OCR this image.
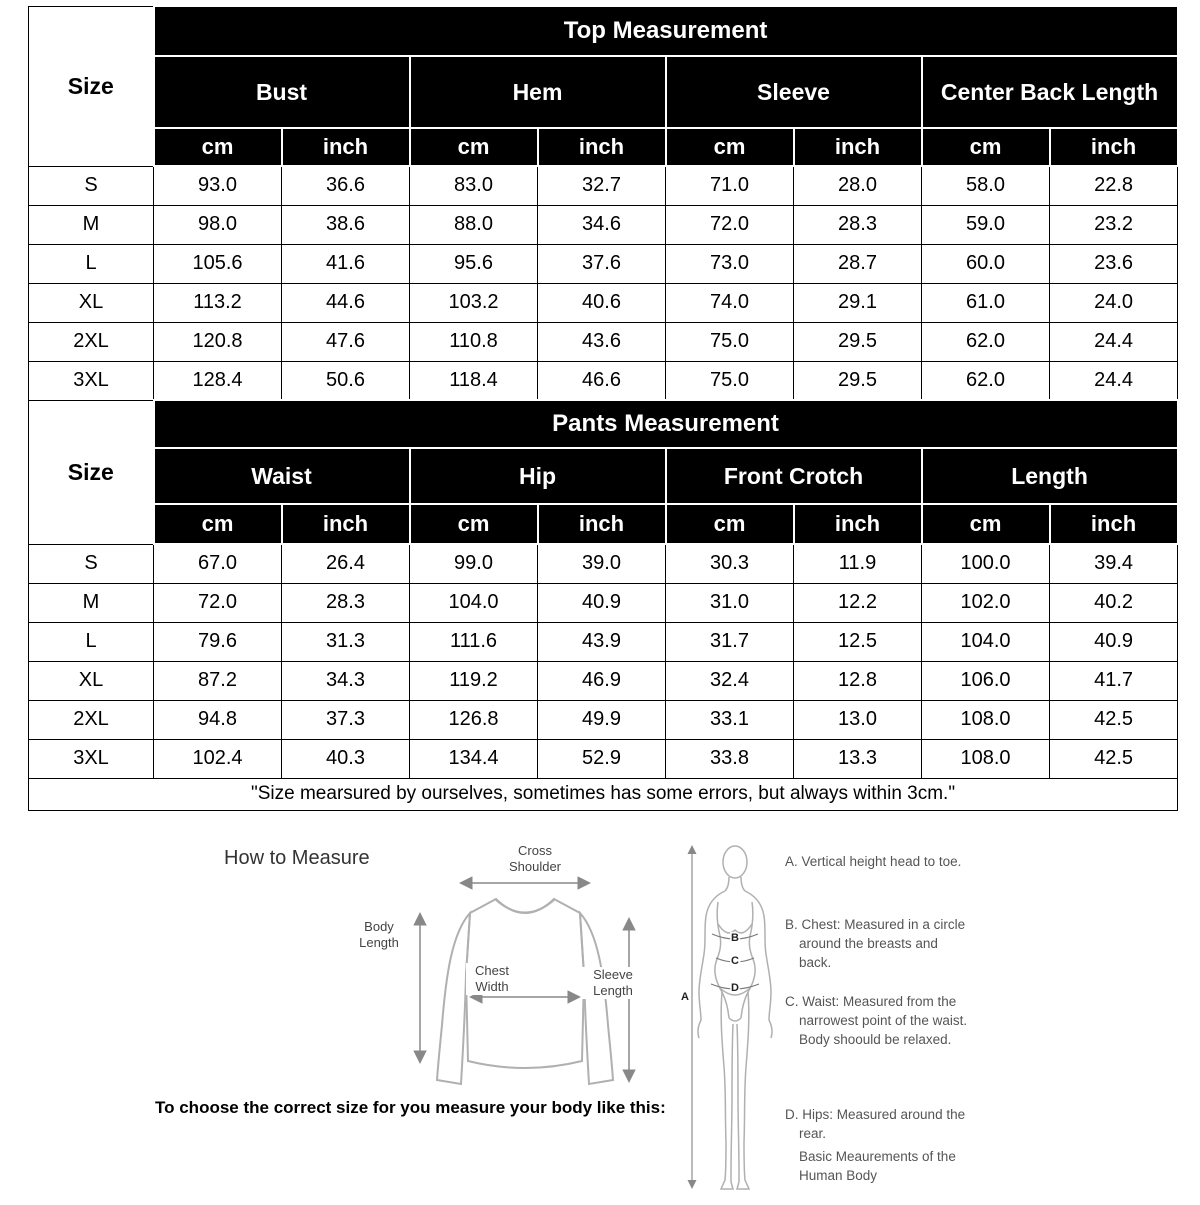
Size	Top Measurement							
	Bust		Hem		Sleeve		Center Back Length	
	cm	inch	cm	inch	cm	inch	cm	inch
S	93.0	36.6	83.0	32.7	71.0	28.0	58.0	22.8
M	98.0	38.6	88.0	34.6	72.0	28.3	59.0	23.2
L	105.6	41.6	95.6	37.6	73.0	28.7	60.0	23.6
XL	113.2	44.6	103.2	40.6	74.0	29.1	61.0	24.0
2XL	120.8	47.6	110.8	43.6	75.0	29.5	62.0	24.4
3XL	128.4	50.6	118.4	46.6	75.0	29.5	62.0	24.4
Size	Pants Measurement							
	Waist		Hip		Front Crotch		Length	
	cm	inch	cm	inch	cm	inch	cm	inch
S	67.0	26.4	99.0	39.0	30.3	11.9	100.0	39.4
M	72.0	28.3	104.0	40.9	31.0	12.2	102.0	40.2
L	79.6	31.3	111.6	43.9	31.7	12.5	104.0	40.9
XL	87.2	34.3	119.2	46.9	32.4	12.8	106.0	41.7
2XL	94.8	37.3	126.8	49.9	33.1	13.0	108.0	42.5
3XL	102.4	40.3	134.4	52.9	33.8	13.3	108.0	42.5
"Size mearsured by ourselves, sometimes has some errors, but always within 3cm."								
How to Measure	Cross Shoulder
Body Length
Chest Width
Sleeve Length
To choose the correct size for you measure your body like this:
A
B
C
D
A. Vertical height head to toe.
B. Chest: Measured in a circle around the breasts and back.
C. Waist: Measured from the narrowest point of the waist. Body shoould be relaxed.
D. Hips: Measured around the rear.
Basic Meaurements of the Human Body
